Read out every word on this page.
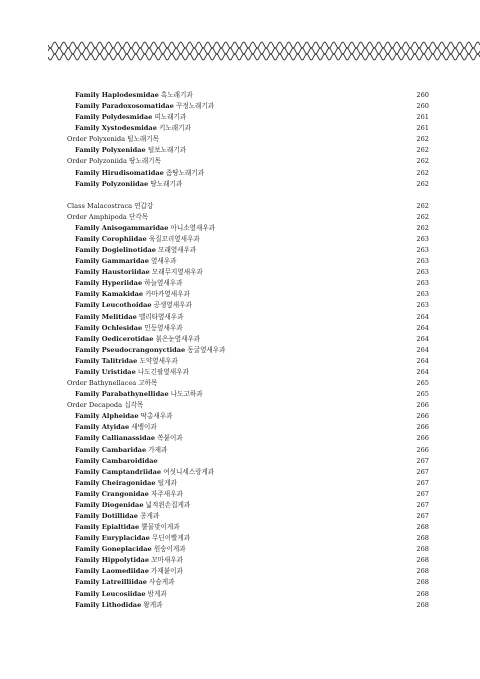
Family Haplodesmidae 혹노래기과	260
Family Paradoxosomatidae 꾸정노래기과	260
Family Polydesmidae 띠노래기과	261
Family Xystodesmidae 키노래기과	261
Order Polyxenida 털노래기목	262
Family Polyxenidae 털보노래기과	262
Order Polyzoniida 땅노래기목	262
Family Hirudisomatidae 좀땅노래기과	262
Family Polyzoniidae 땅노래기과	262
Class Malacostraca 연갑강	262
Order Amphipoda 단각목	262
Family Anisogammaridae 아니소옆새우과	262
Family Corophiidae 육질꼬리옆새우과	263
Family Dogielinotidae 모래옆새우과	263
Family Gammaridae 옆새우과	263
Family Haustoriidae 모래무지옆새우과	263
Family Hyperiidae 하늘옆새우과	263
Family Kamakidae 카마카옆새우과	263
Family Leucothoidae 공생옆새우과	263
Family Melitidae 멜리타옆새우과	264
Family Ochlesidae 민등옆새우과	264
Family Oedicerotidae 붉은눈옆새우과	264
Family Pseudocrangonyctidae 동굴옆새우과	264
Family Talitridae 도약옆새우과	264
Family Uristidae 나도긴팔옆새우과	264
Order Bathynellacea 고하목	265
Family Parabathynellidae 나도고하과	265
Order Decapoda 십각목	266
Family Alpheidae 딱총새우과	266
Family Atyidae 새뱅이과	266
Family Callianassidae 쏙붙이과	266
Family Cambaridae 가재과	266
Family Cambaroididae	267
Family Camptandriidae 여섯니세스랑게과	267
Family Cheiragonidae 털게과	267
Family Crangonidae 자주새우과	267
Family Diogenidae 넓적왼손집게과	267
Family Dotillidae 콩게과	267
Family Epialtidae 뿔물맞이게과	268
Family Euryplacidae 무딘이빨게과	268
Family Goneplacidae 원숭이게과	268
Family Hippolytidae 꼬마새우과	268
Family Laomediidae 가재붙이과	268
Family Latreilliidae 사슴게과	268
Family Leucosiidae 밤게과	268
Family Lithodidae 왕게과	268
